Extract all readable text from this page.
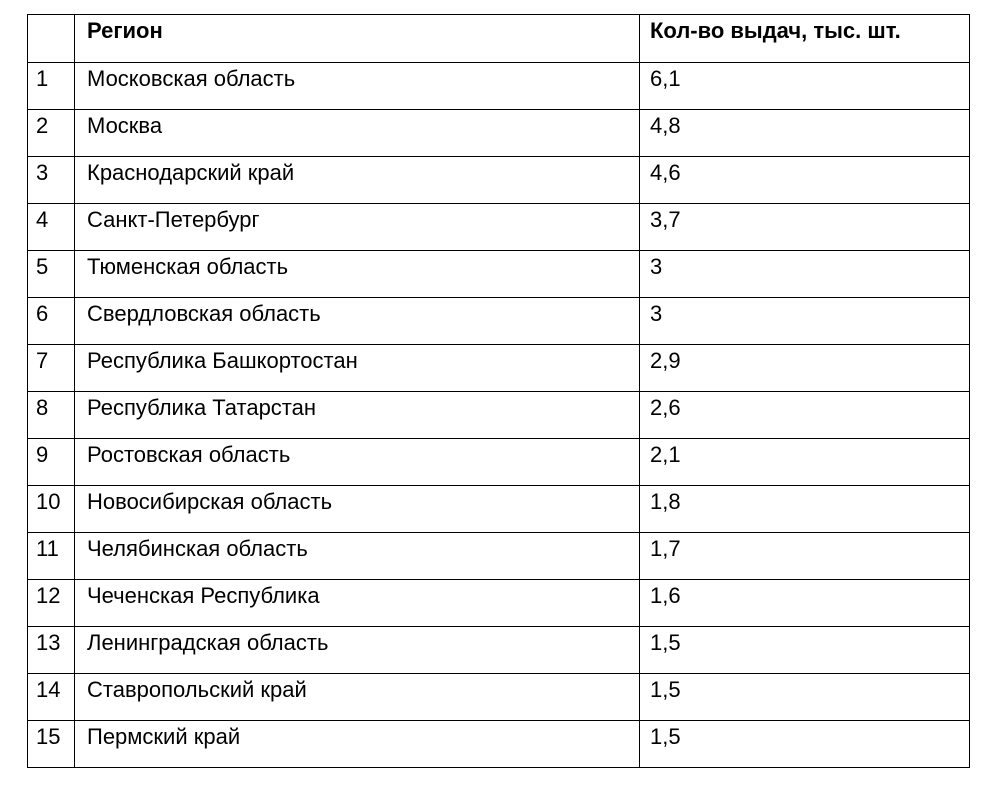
	Регион	Кол-во выдач, тыс. шт.
1	Московская область	6,1
2	Москва	4,8
3	Краснодарский край	4,6
4	Санкт-Петербург	3,7
5	Тюменская область	3
6	Свердловская область	3
7	Республика Башкортостан	2,9
8	Республика Татарстан	2,6
9	Ростовская область	2,1
10	Новосибирская область	1,8
11	Челябинская область	1,7
12	Чеченская Республика	1,6
13	Ленинградская область	1,5
14	Ставропольский край	1,5
15	Пермский край	1,5
